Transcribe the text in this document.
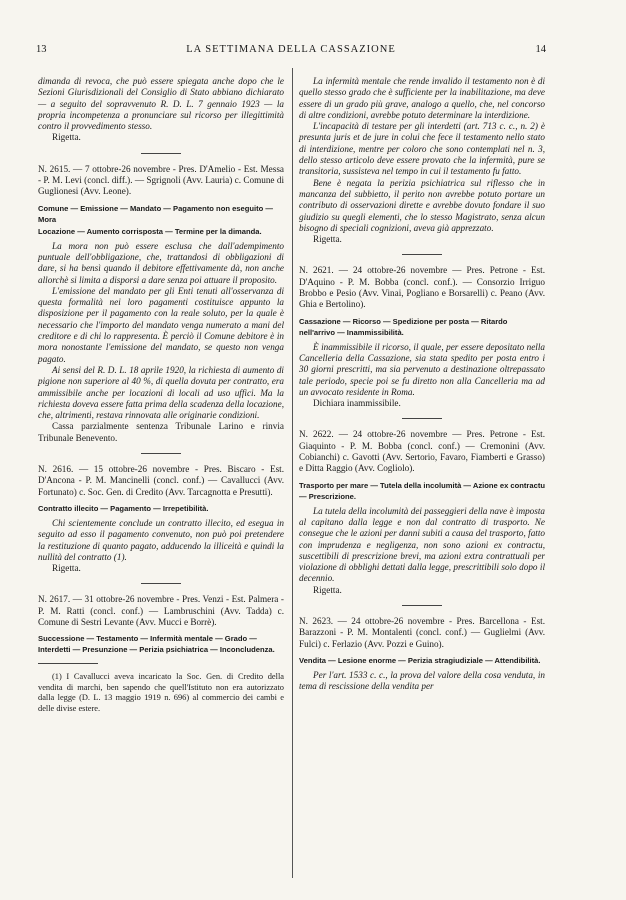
13	LA SETTIMANA DELLA CASSAZIONE	14

dimanda di revoca, che può essere spiegata anche dopo che le Sezioni Giurisdizionali del Consiglio di Stato abbiano dichiarato — a seguito del sopravvenuto R. D. L. 7 gennaio 1923 — la propria incompetenza a pronunciare sul ricorso per illegittimità contro il provvedimento stesso.

Rigetta.

N. 2615. — 7 ottobre-26 novembre - Pres. D'Amelio - Est. Messa - P. M. Levi (concl. diff.). — Sgrignoli (Avv. Lauria) c. Comune di Guglionesi (Avv. Leone).

Comune — Emissione — Mandato — Pagamento non eseguito — Mora

Locazione — Aumento corrisposta — Termine per la dimanda.

La mora non può essere esclusa che dall'adempimento puntuale dell'obbligazione, che, trattandosi di obbligazioni di dare, si ha bensì quando il debitore effettivamente dà, non anche allorchè si limita a disporsi a dare senza poi attuare il proposito.

L'emissione del mandato per gli Enti tenuti all'osservanza di questa formalità nei loro pagamenti costituisce appunto la disposizione per il pagamento con la reale soluto, per la quale è necessario che l'importo del mandato venga numerato a mani del creditore e di chi lo rappresenta. È perciò il Comune debitore è in mora nonostante l'emissione del mandato, se questo non venga pagato.

Ai sensi del R. D. L. 18 aprile 1920, la richiesta di aumento di pigione non superiore al 40 %, di quella dovuta per contratto, era ammissibile anche per locazioni di locali ad uso uffici. Ma la richiesta doveva essere fatta prima della scadenza della locazione, che, altrimenti, restava rinnovata alle originarie condizioni.

Cassa parzialmente sentenza Tribunale Larino e rinvia Tribunale Benevento.

N. 2616. — 15 ottobre-26 novembre - Pres. Biscaro - Est. D'Ancona - P. M. Mancinelli (concl. conf.) — Cavallucci (Avv. Fortunato) c. Soc. Gen. di Credito (Avv. Tarcagnotta e Presutti).

Contratto illecito — Pagamento — Irrepetibilità.

Chi scientemente conclude un contratto illecito, ed esegua in seguito ad esso il pagamento convenuto, non può poi pretendere la restituzione di quanto pagato, adducendo la illiceità e quindi la nullità del contratto (1).

Rigetta.

N. 2617. — 31 ottobre-26 novembre - Pres. Venzi - Est. Palmera - P. M. Ratti (concl. conf.) — Lambruschini (Avv. Tadda) c. Comune di Sestri Levante (Avv. Mucci e Borrè).

Successione — Testamento — Infermità mentale — Grado — Interdetti — Presunzione — Perizia psichiatrica — Inconcludenza.

(1) I Cavallucci aveva incaricato la Soc. Gen. di Credito della vendita di marchi, ben sapendo che quell'Istituto non era autorizzato dalla legge (D. L. 13 maggio 1919 n. 696) al commercio dei cambi e delle divise estere.

La infermità mentale che rende invalido il testamento non è di quello stesso grado che è sufficiente per la inabilitazione, ma deve essere di un grado più grave, analogo a quello, che, nel concorso di altre condizioni, avrebbe potuto determinare la interdizione.

L'incapacità di testare per gli interdetti (art. 713 c. c., n. 2) è presunta juris et de jure in colui che fece il testamento nello stato di interdizione, mentre per coloro che sono contemplati nel n. 3, dello stesso articolo deve essere provato che la infermità, pure se transitoria, sussisteva nel tempo in cui il testamento fu fatto.

Bene è negata la perizia psichiatrica sul riflesso che in mancanza del subbietto, il perito non avrebbe potuto portare un contributo di osservazioni dirette e avrebbe dovuto fondare il suo giudizio su quegli elementi, che lo stesso Magistrato, senza alcun bisogno di speciali cognizioni, aveva già apprezzato.

Rigetta.

N. 2621. — 24 ottobre-26 novembre — Pres. Petrone - Est. D'Aquino - P. M. Bobba (concl. conf.). — Consorzio Irriguo Brobbo e Pesio (Avv. Vinai, Pogliano e Borsarelli) c. Peano (Avv. Ghia e Bertolino).

Cassazione — Ricorso — Spedizione per posta — Ritardo nell'arrivo — Inammissibilità.

È inammissibile il ricorso, il quale, per essere depositato nella Cancelleria della Cassazione, sia stata spedito per posta entro i 30 giorni prescritti, ma sia pervenuto a destinazione oltrepassato tale periodo, specie poi se fu diretto non alla Cancelleria ma ad un avvocato residente in Roma.

Dichiara inammissibile.

N. 2622. — 24 ottobre-26 novembre — Pres. Petrone - Est. Giaquinto - P. M. Bobba (concl. conf.) — Cremonini (Avv. Cobianchi) c. Gavotti (Avv. Sertorio, Favaro, Fiamberti e Grasso) e Ditta Raggio (Avv. Cogliolo).

Trasporto per mare — Tutela della incolumità — Azione ex contractu — Prescrizione.

La tutela della incolumità dei passeggieri della nave è imposta al capitano dalla legge e non dal contratto di trasporto. Ne consegue che le azioni per danni subiti a causa del trasporto, fatto con imprudenza e negligenza, non sono azioni ex contractu, suscettibili di prescrizione brevi, ma azioni extra contrattuali per violazione di obblighi dettati dalla legge, prescrittibili solo dopo il decennio.

Rigetta.

N. 2623. — 24 ottobre-26 novembre - Pres. Barcellona - Est. Barazzoni - P. M. Montalenti (concl. conf.) — Guglielmi (Avv. Fulci) c. Ferlazio (Avv. Pozzi e Guino).

Vendita — Lesione enorme — Perizia stragiudiziale — Attendibilità.

Per l'art. 1533 c. c., la prova del valore della cosa venduta, in tema di rescissione della vendita per
